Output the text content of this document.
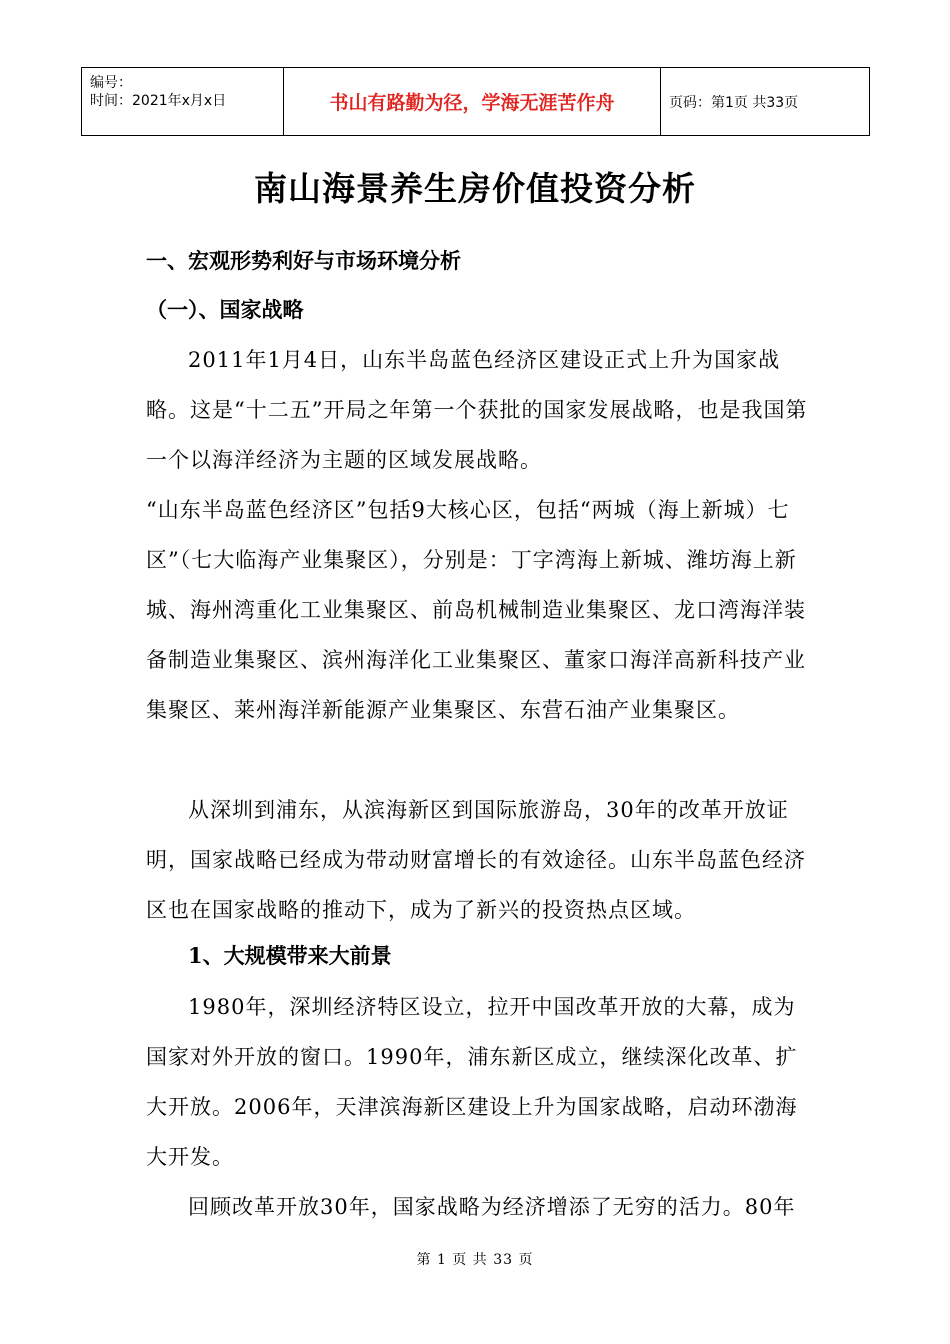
编号：
时间：2021年x月x日	书山有路勤为径，学海无涯苦作舟	页码：第1页 共33页
南山海景养生房价值投资分析
一、宏观形势利好与市场环境分析
（一）、国家战略

2011年1月4日，山东半岛蓝色经济区建设正式上升为国家战略。这是“十二五”开局之年第一个获批的国家发展战略，也是我国第一个以海洋经济为主题的区域发展战略。

“山东半岛蓝色经济区”包括9大核心区，包括“两城（海上新城）七区”（七大临海产业集聚区），分别是：丁字湾海上新城、潍坊海上新城、海州湾重化工业集聚区、前岛机械制造业集聚区、龙口湾海洋装备制造业集聚区、滨州海洋化工业集聚区、董家口海洋高新科技产业集聚区、莱州海洋新能源产业集聚区、东营石油产业集聚区。

从深圳到浦东，从滨海新区到国际旅游岛，30年的改革开放证明，国家战略已经成为带动财富增长的有效途径。山东半岛蓝色经济区也在国家战略的推动下，成为了新兴的投资热点区域。

1、大规模带来大前景

1980年，深圳经济特区设立，拉开中国改革开放的大幕，成为国家对外开放的窗口。1990年，浦东新区成立，继续深化改革、扩大开放。2006年，天津滨海新区建设上升为国家战略，启动环渤海大开发。

回顾改革开放30年，国家战略为经济增添了无穷的活力。80年

第 1 页 共 33 页
